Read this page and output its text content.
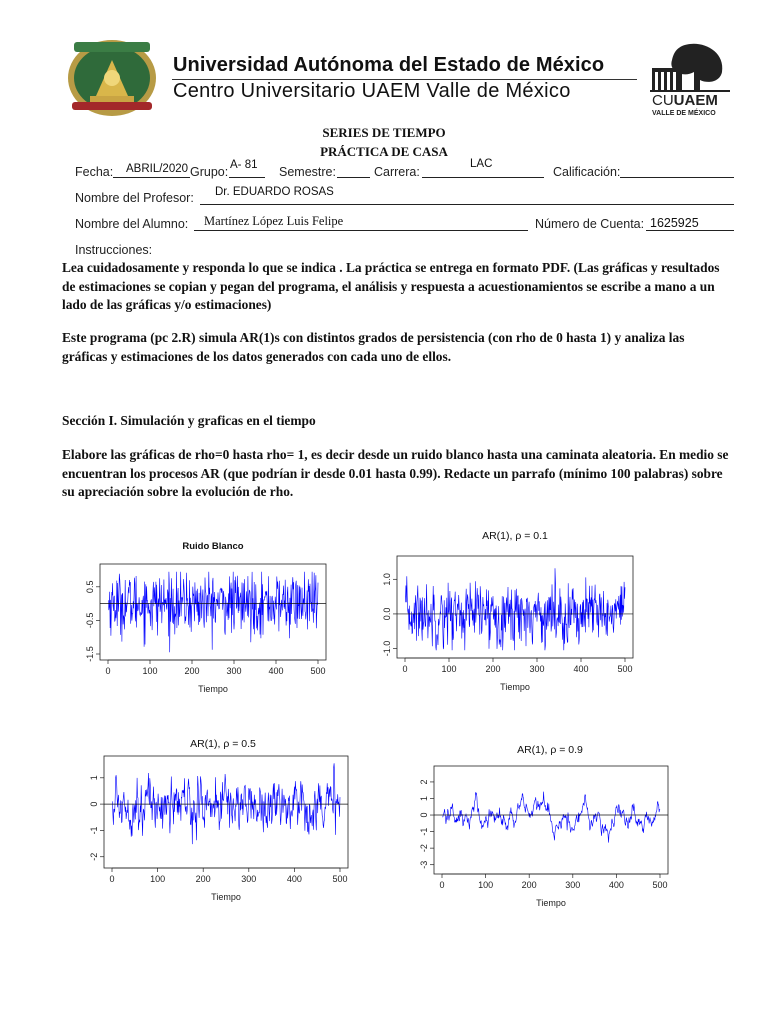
Universidad Autónoma del Estado de México
Centro Universitario UAEM Valle de México	CUUAEM
VALLE DE MÉXICO
SERIES DE TIEMPO
PRÁCTICA DE CASA
Fecha: ABRIL/2020 Grupo: A- 81 Semestre:	Carrera:
LAC
Calificación:
Nombre del Profesor: Dr. EDUARDO ROSAS
Nombre del Alumno: Martínez López Luis Felipe	Número de Cuenta: 1625925
Instrucciones:
Lea cuidadosamente y responda lo que se indica . La práctica se entrega en formato PDF. (Las gráficas y resultados de estimaciones se copian y pegan del programa, el análisis y respuesta a acuestionamientos se escribe a mano a un lado de las gráficas y/o estimaciones)
Este programa (pc 2.R) simula AR(1)s con distintos grados de persistencia (con rho de 0 hasta 1) y analiza las gráficas y estimaciones de los datos generados con cada uno de ellos.
Sección I. Simulación y graficas en el tiempo
Elabore las gráficas de rho=0 hasta rho= 1, es decir desde un ruido blanco hasta una caminata aleatoria. En medio se encuentran los procesos AR (que podrían ir desde 0.01 hasta 0.99). Redacte un parrafo (mínimo 100 palabras) sobre su apreciación sobre la evolución de rho.
Ruido Blanco
0	100	200	300	400	500
Tiempo
-1.5
-0.5
0.5
AR(1), ρ = 0.1
0	100	200	300	400	500
Tiempo
-1.0
0.0
1.0
AR(1), ρ = 0.5
0	100	200	300	400	500
Tiempo
-2
-1
0
1
AR(1), ρ = 0.9
0	100	200	300	400	500
Tiempo
-3
-2
-1
0
1
2
